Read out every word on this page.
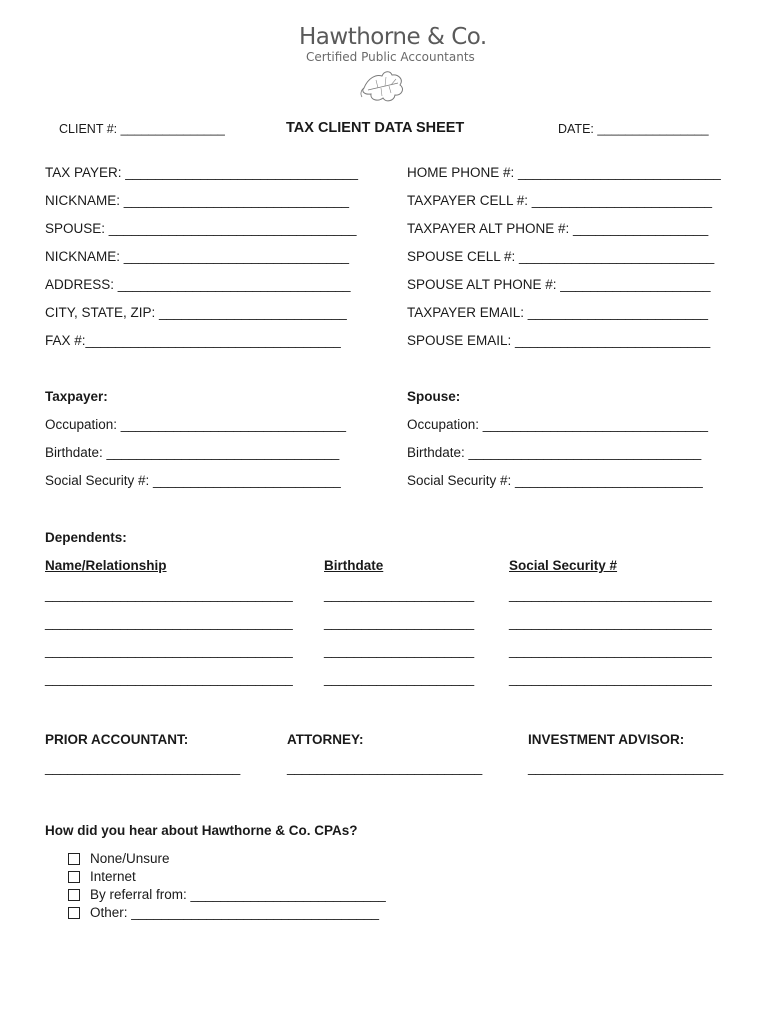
Hawthorne & Co.
Certified Public Accountants
CLIENT #: _______________	TAX CLIENT DATA SHEET	DATE: ________________
TAX PAYER: _______________________________
NICKNAME: ______________________________
SPOUSE: _________________________________
NICKNAME: ______________________________
ADDRESS: _______________________________
CITY, STATE, ZIP: _________________________
FAX #:__________________________________
HOME PHONE #: ___________________________
TAXPAYER CELL #: ________________________
TAXPAYER ALT PHONE #: __________________
SPOUSE CELL #: __________________________
SPOUSE ALT PHONE #: ____________________
TAXPAYER EMAIL: ________________________
SPOUSE EMAIL: __________________________
Taxpayer:
Occupation: ______________________________
Birthdate: _______________________________
Social Security #: _________________________
Spouse:
Occupation: ______________________________
Birthdate: _______________________________
Social Security #: _________________________
Dependents:
Name/Relationship	Birthdate	Social Security #
_________________________________ ____________________	___________________________
_________________________________ ____________________	___________________________
_________________________________ ____________________	___________________________
_________________________________ ____________________	___________________________
PRIOR ACCOUNTANT:
__________________________
ATTORNEY:
__________________________
INVESTMENT ADVISOR:
__________________________
How did you hear about Hawthorne & Co. CPAs?
None/Unsure
Internet
By referral from: __________________________
Other: _________________________________
